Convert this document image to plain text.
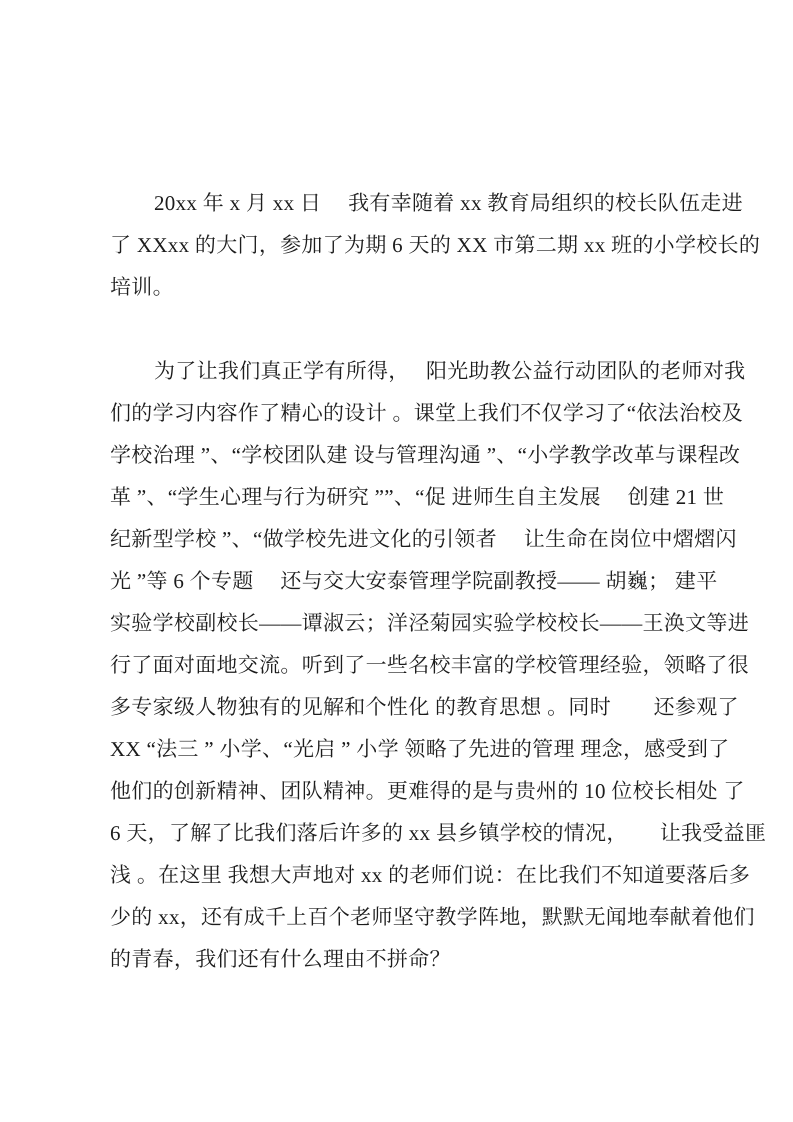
20xx 年 x 月 xx 日　 我有幸随着 xx 教育局组织的校长队伍走进
了 XXxx 的大门，参加了为期 6 天的 XX 市第二期 xx 班的小学校长的
培训。
为了让我们真正学有所得，　 阳光助教公益行动团队的老师对我
们的学习内容作了精心的设计 。课堂上我们不仅学习了“依法治校及
学校治理 ”、“学校团队建 设与管理沟通 ”、“小学教学改革与课程改
革 ”、“学生心理与行为研究 ””、“促 进师生自主发展　 创建 21 世
纪新型学校 ”、“做学校先进文化的引领者　 让生命在岗位中熠熠闪
光 ”等 6 个专题　 还与交大安泰管理学院副教授—— 胡巍； 建平
实验学校副校长——谭淑云；洋泾菊园实验学校校长——王涣文等进
行了面对面地交流。听到了一些名校丰富的学校管理经验，领略了很
多专家级人物独有的见解和个性化 的教育思想 。同时　　还参观了
XX “法三 ” 小学、“光启 ” 小学 领略了先进的管理 理念，感受到了
他们的创新精神、团队精神。更难得的是与贵州的 10 位校长相处 了
6 天，了解了比我们落后许多的 xx 县乡镇学校的情况，　　让我受益匪
浅 。在这里 我想大声地对 xx 的老师们说：在比我们不知道要落后多
少的 xx，还有成千上百个老师坚守教学阵地，默默无闻地奉献着他们
的青春，我们还有什么理由不拼命？
